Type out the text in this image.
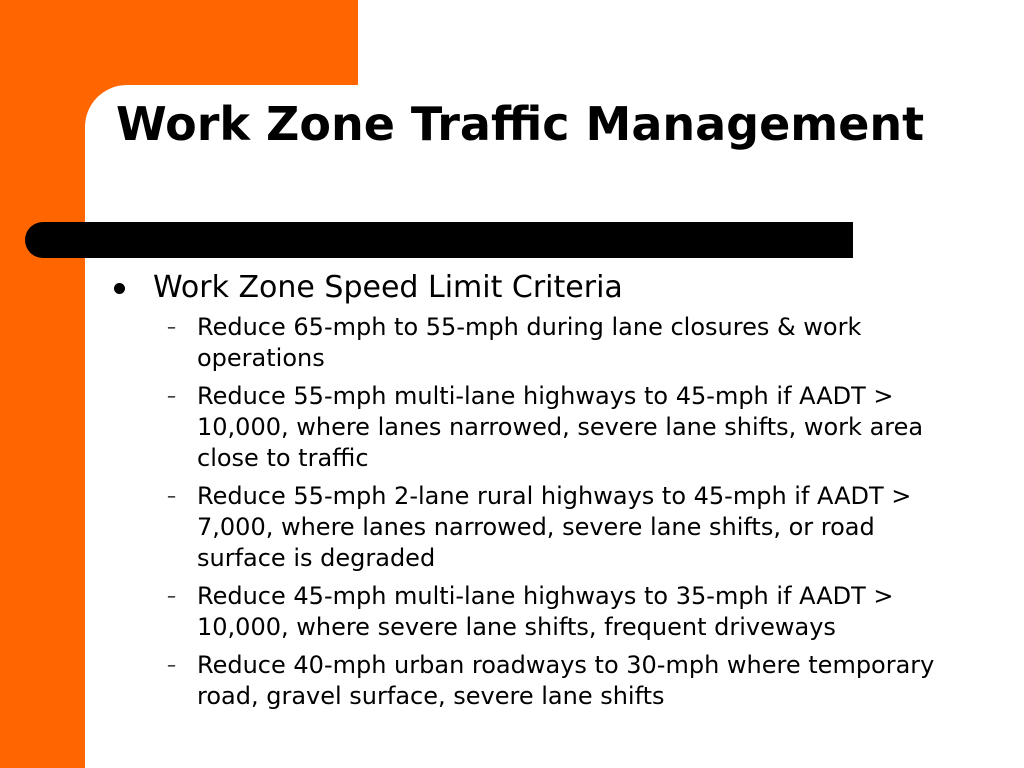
Work Zone Traffic Management
Work Zone Speed Limit Criteria
– Reduce 65-mph to 55-mph during lane closures & work operations
– Reduce 55-mph multi-lane highways to 45-mph if AADT > 10,000, where lanes narrowed, severe lane shifts, work area close to traffic
– Reduce 55-mph 2-lane rural highways to 45-mph if AADT > 7,000, where lanes narrowed, severe lane shifts, or road surface is degraded
– Reduce 45-mph multi-lane highways to 35-mph if AADT > 10,000, where severe lane shifts, frequent driveways
– Reduce 40-mph urban roadways to 30-mph where temporary road, gravel surface, severe lane shifts
